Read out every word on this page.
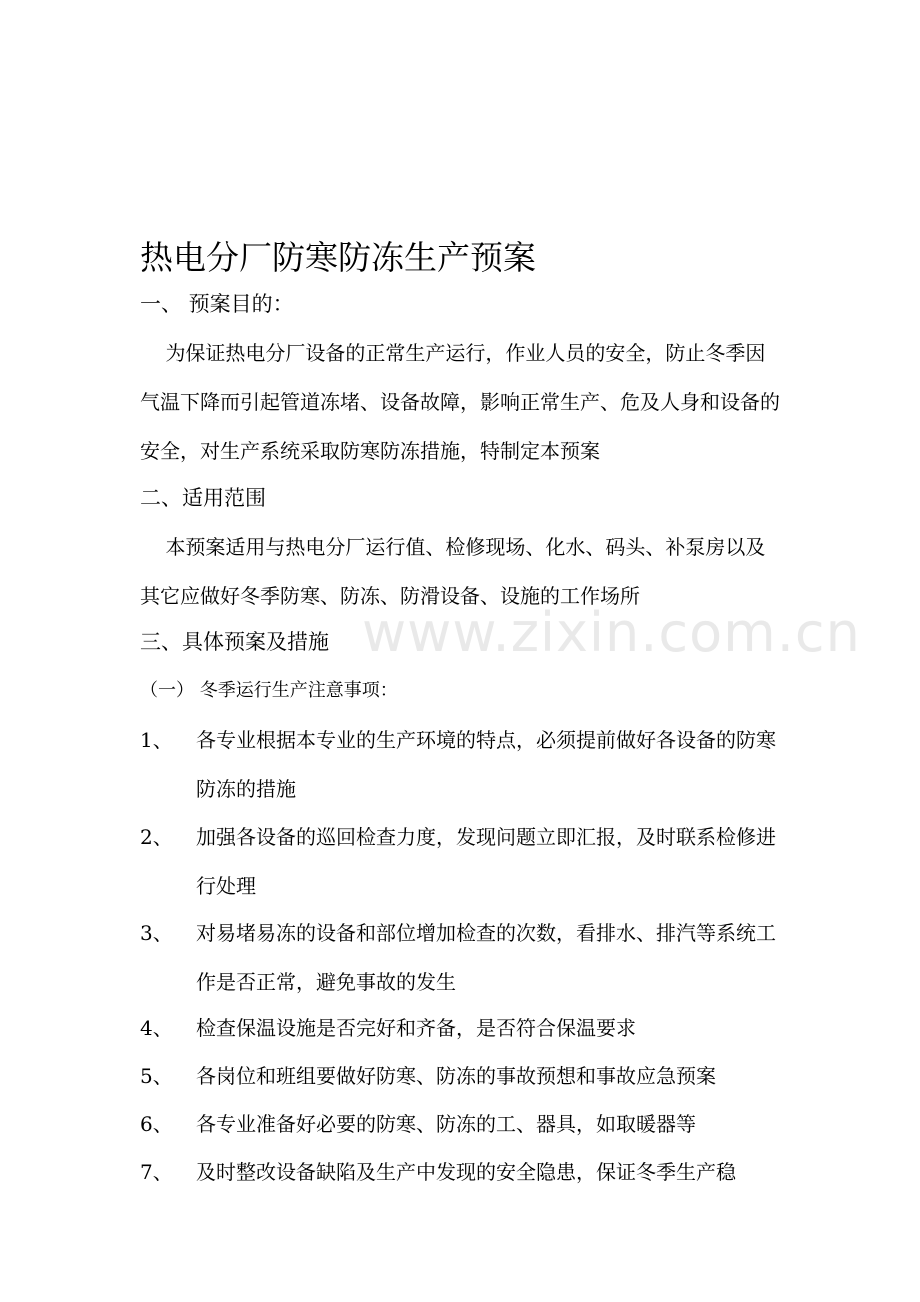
热电分厂防寒防冻生产预案
一、 预案目的：
为保证热电分厂设备的正常生产运行，作业人员的安全，防止冬季因气温下降而引起管道冻堵、设备故障，影响正常生产、危及人身和设备的安全，对生产系统采取防寒防冻措施，特制定本预案
二、适用范围
本预案适用与热电分厂运行值、检修现场、化水、码头、补泵房以及其它应做好冬季防寒、防冻、防滑设备、设施的工作场所
三、具体预案及措施
（一） 冬季运行生产注意事项：
1、	各专业根据本专业的生产环境的特点，必须提前做好各设备的防寒防冻的措施
2、	加强各设备的巡回检查力度，发现问题立即汇报，及时联系检修进行处理
3、	对易堵易冻的设备和部位增加检查的次数，看排水、排汽等系统工作是否正常，避免事故的发生
4、	检查保温设施是否完好和齐备，是否符合保温要求
5、	各岗位和班组要做好防寒、防冻的事故预想和事故应急预案
6、	各专业准备好必要的防寒、防冻的工、器具，如取暖器等
7、	及时整改设备缺陷及生产中发现的安全隐患，保证冬季生产稳
www.zixin.com.cn
